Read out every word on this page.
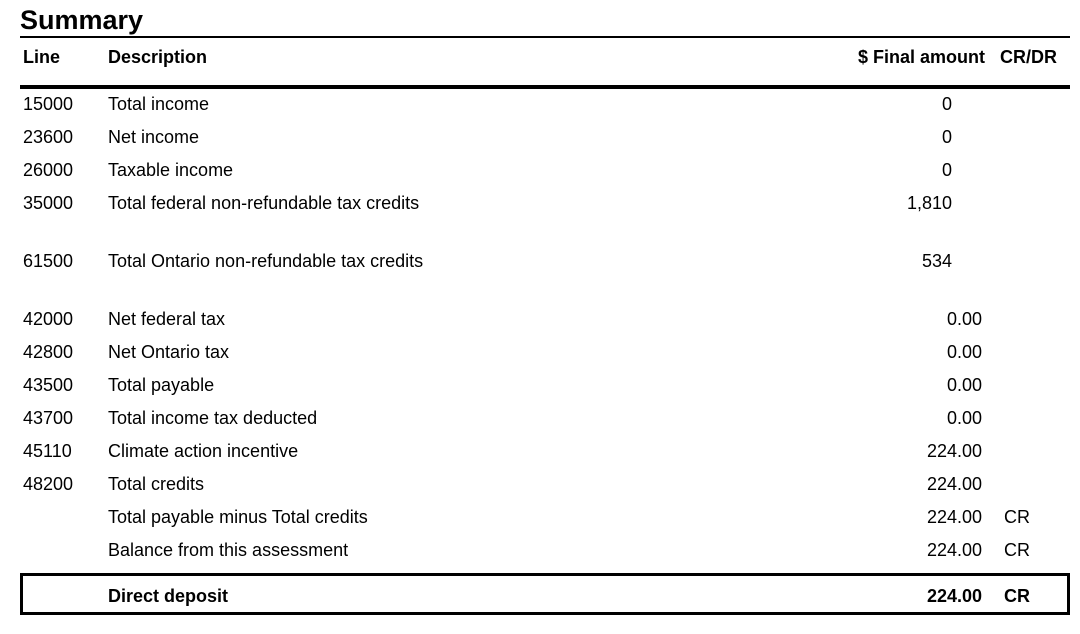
Summary
Line	Description	$ Final amount CR/DR
15000 Total income	0
23600 Net income	0
26000 Taxable income	0
35000 Total federal non-refundable tax credits	1,810
61500 Total Ontario non-refundable tax credits	534
42000 Net federal tax	0.00
42800 Net Ontario tax	0.00
43500 Total payable	0.00
43700 Total income tax deducted	0.00
45110 Climate action incentive	224.00
48200 Total credits	224.00
Total payable minus Total credits	224.00 CR
Balance from this assessment	224.00 CR
Direct deposit	224.00 CR
